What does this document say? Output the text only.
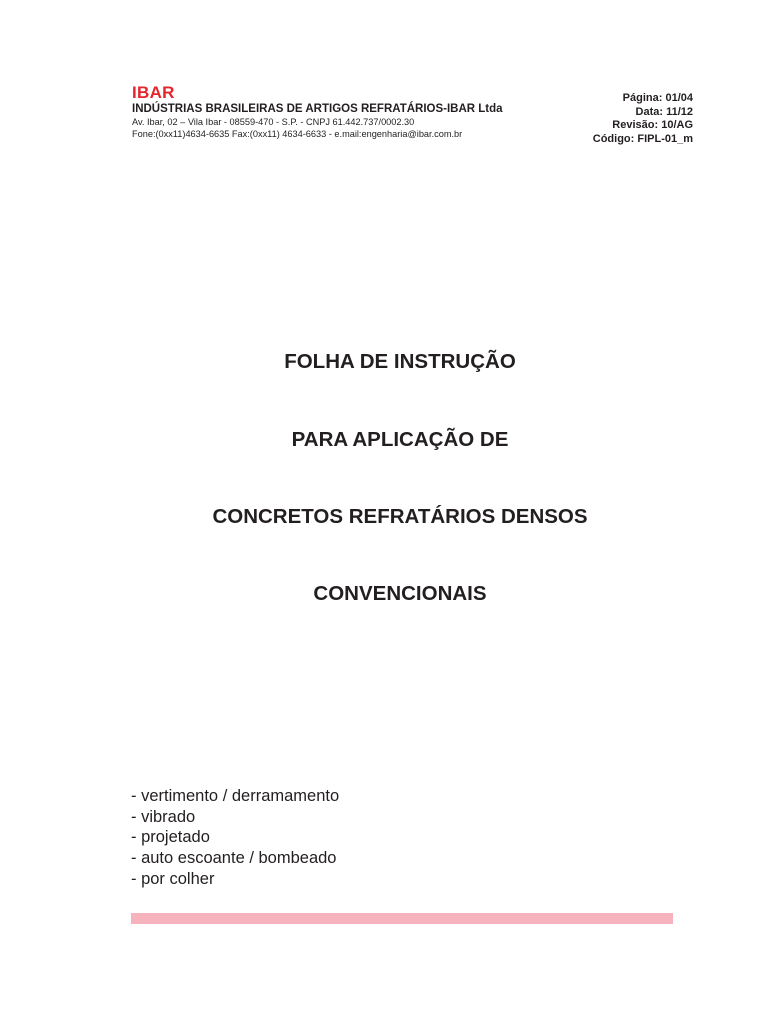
IBAR
INDÚSTRIAS BRASILEIRAS DE ARTIGOS REFRATÁRIOS-IBAR Ltda
Av. Ibar, 02 – Vila Ibar - 08559-470 - S.P. - CNPJ 61.442.737/0002.30
Fone:(0xx11)4634-6635 Fax:(0xx11) 4634-6633 - e.mail:engenharia@ibar.com.br
Página: 01/04
Data: 11/12
Revisão: 10/AG
Código: FIPL-01_m
FOLHA DE INSTRUÇÃO
PARA APLICAÇÃO DE
CONCRETOS REFRATÁRIOS DENSOS
CONVENCIONAIS
- vertimento / derramamento
- vibrado
- projetado
- auto escoante / bombeado
- por colher
